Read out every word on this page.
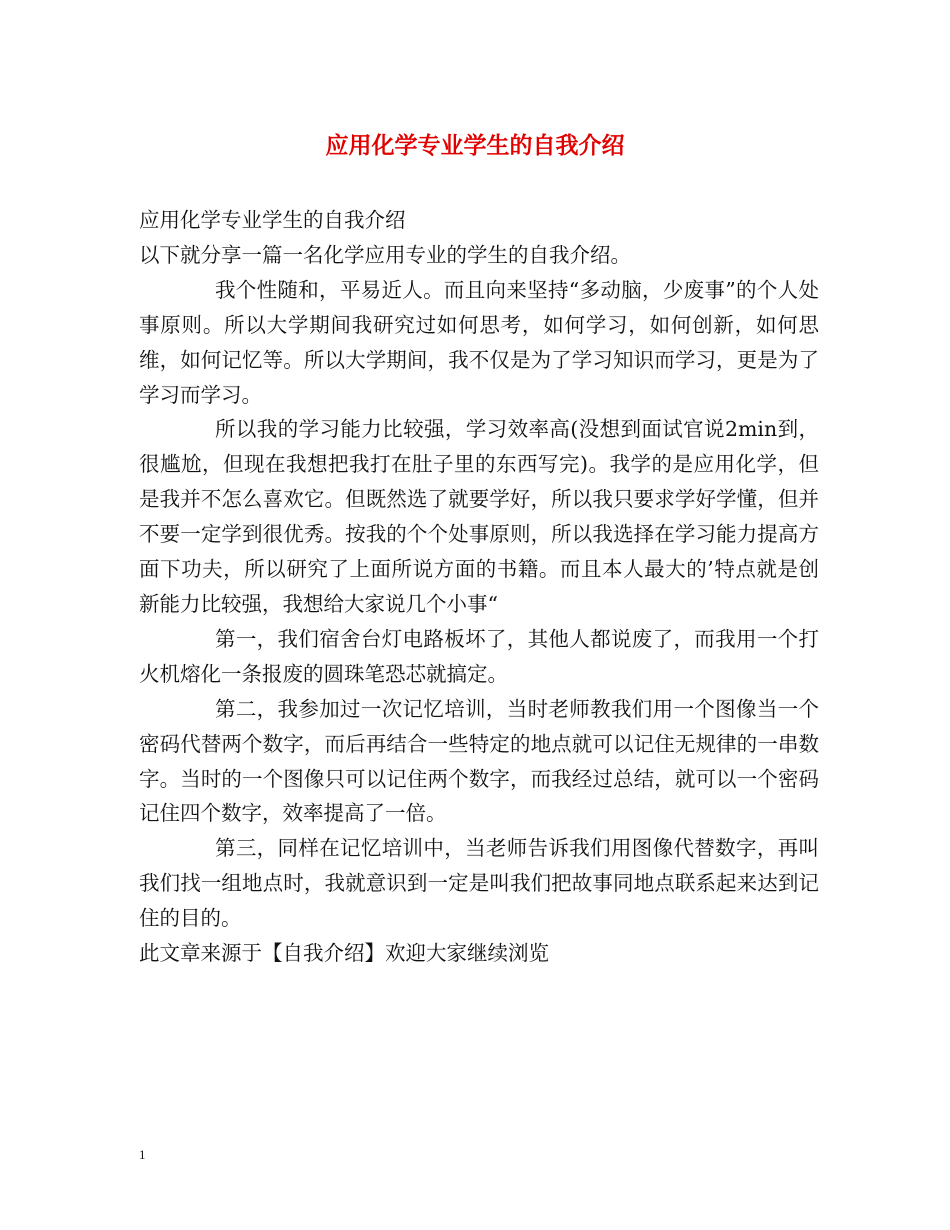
应用化学专业学生的自我介绍

应用化学专业学生的自我介绍

以下就分享一篇一名化学应用专业的学生的自我介绍。

我个性随和，平易近人。而且向来坚持“多动脑，少废事”的个人处事原则。所以大学期间我研究过如何思考，如何学习，如何创新，如何思维，如何记忆等。所以大学期间，我不仅是为了学习知识而学习，更是为了学习而学习。

所以我的学习能力比较强，学习效率高(没想到面试官说2min到，很尴尬，但现在我想把我打在肚子里的东西写完)。我学的是应用化学，但是我并不怎么喜欢它。但既然选了就要学好，所以我只要求学好学懂，但并不要一定学到很优秀。按我的个个处事原则，所以我选择在学习能力提高方面下功夫，所以研究了上面所说方面的书籍。而且本人最大的’特点就是创新能力比较强，我想给大家说几个小事“

第一，我们宿舍台灯电路板坏了，其他人都说废了，而我用一个打火机熔化一条报废的圆珠笔恐芯就搞定。

第二，我参加过一次记忆培训，当时老师教我们用一个图像当一个密码代替两个数字，而后再结合一些特定的地点就可以记住无规律的一串数字。当时的一个图像只可以记住两个数字，而我经过总结，就可以一个密码记住四个数字，效率提高了一倍。

第三，同样在记忆培训中，当老师告诉我们用图像代替数字，再叫我们找一组地点时，我就意识到一定是叫我们把故事同地点联系起来达到记住的目的。

此文章来源于【自我介绍】欢迎大家继续浏览

1
